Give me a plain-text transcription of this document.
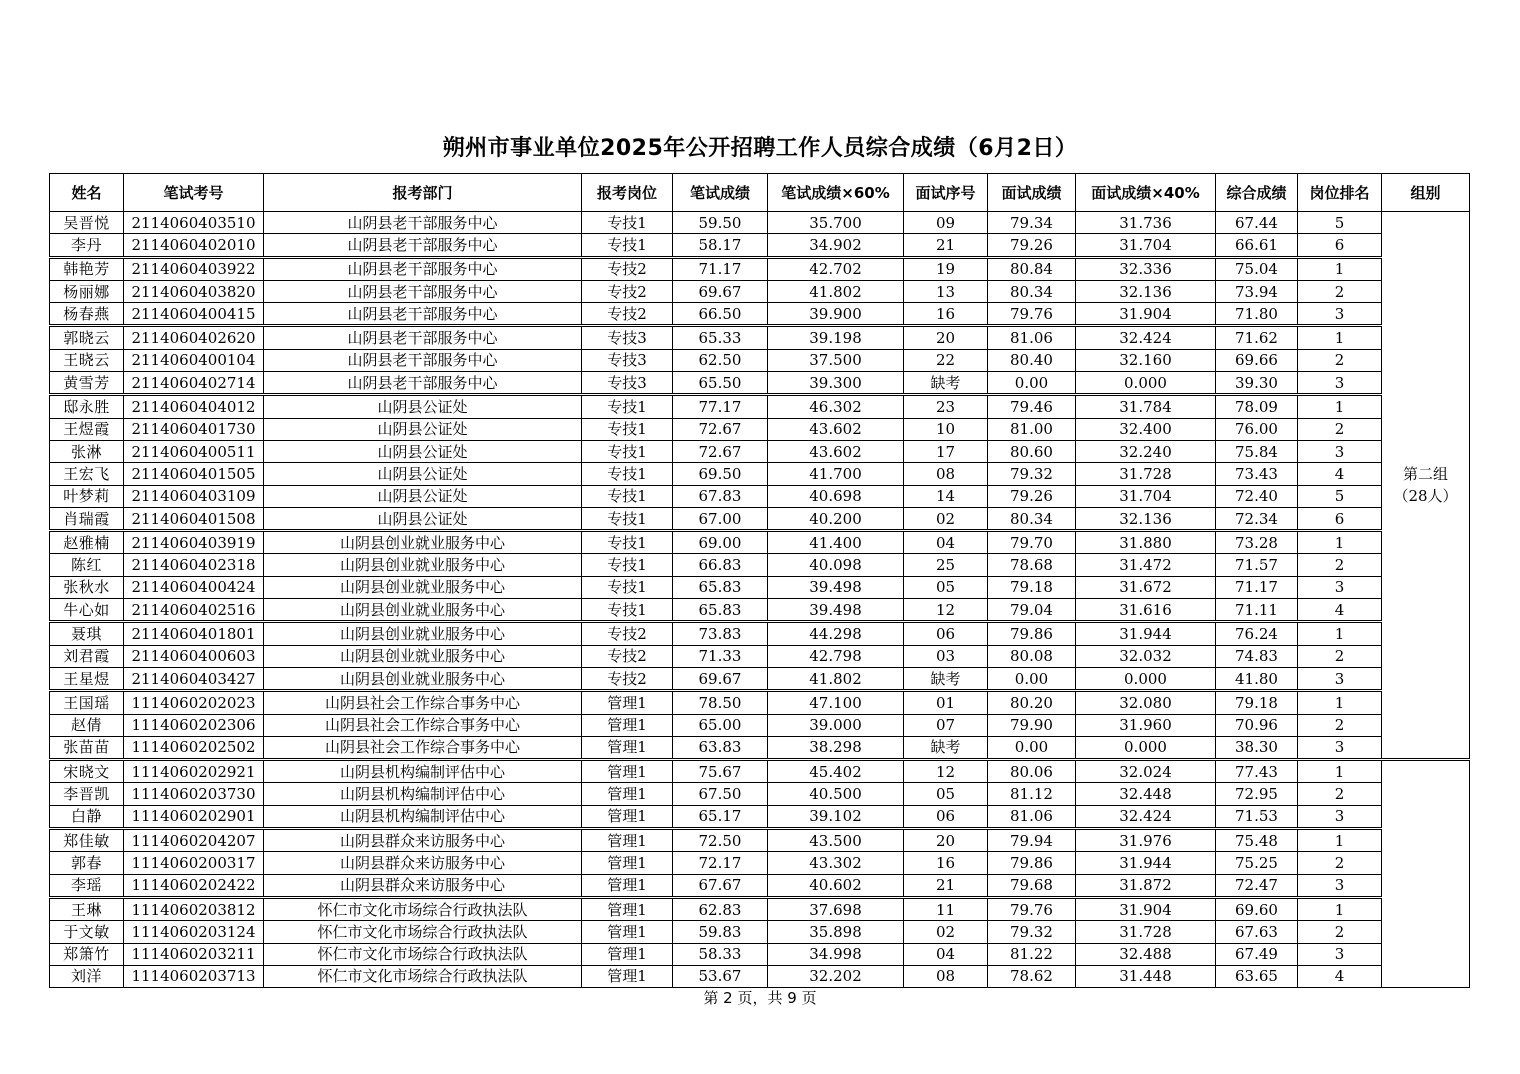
朔州市事业单位2025年公开招聘工作人员综合成绩（6月2日）
姓名	笔试考号	报考部门	报考岗位	笔试成绩	笔试成绩×60%	面试序号	面试成绩	面试成绩×40%	综合成绩	岗位排名	组别
吴晋悦	2114060403510	山阴县老干部服务中心	专技1	59.50	35.700	09	79.34	31.736	67.44	5	第二组
（28人）

李丹	2114060402010	山阴县老干部服务中心	专技1	58.17	34.902	21	79.26	31.704	66.61	6	
韩艳芳	2114060403922	山阴县老干部服务中心	专技2	71.17	42.702	19	80.84	32.336	75.04	1	
杨丽娜	2114060403820	山阴县老干部服务中心	专技2	69.67	41.802	13	80.34	32.136	73.94	2	
杨春燕	2114060400415	山阴县老干部服务中心	专技2	66.50	39.900	16	79.76	31.904	71.80	3	
郭晓云	2114060402620	山阴县老干部服务中心	专技3	65.33	39.198	20	81.06	32.424	71.62	1	
王晓云	2114060400104	山阴县老干部服务中心	专技3	62.50	37.500	22	80.40	32.160	69.66	2	
黄雪芳	2114060402714	山阴县老干部服务中心	专技3	65.50	39.300	缺考	0.00	0.000	39.30	3	
邸永胜	2114060404012	山阴县公证处	专技1	77.17	46.302	23	79.46	31.784	78.09	1	
王煜霞	2114060401730	山阴县公证处	专技1	72.67	43.602	10	81.00	32.400	76.00	2	
张淋	2114060400511	山阴县公证处	专技1	72.67	43.602	17	80.60	32.240	75.84	3	
王宏飞	2114060401505	山阴县公证处	专技1	69.50	41.700	08	79.32	31.728	73.43	4	
叶梦莉	2114060403109	山阴县公证处	专技1	67.83	40.698	14	79.26	31.704	72.40	5	
肖瑞霞	2114060401508	山阴县公证处	专技1	67.00	40.200	02	80.34	32.136	72.34	6	
赵雅楠	2114060403919	山阴县创业就业服务中心	专技1	69.00	41.400	04	79.70	31.880	73.28	1	
陈红	2114060402318	山阴县创业就业服务中心	专技1	66.83	40.098	25	78.68	31.472	71.57	2	
张秋水	2114060400424	山阴县创业就业服务中心	专技1	65.83	39.498	05	79.18	31.672	71.17	3	
牛心如	2114060402516	山阴县创业就业服务中心	专技1	65.83	39.498	12	79.04	31.616	71.11	4	
聂琪	2114060401801	山阴县创业就业服务中心	专技2	73.83	44.298	06	79.86	31.944	76.24	1	
刘君霞	2114060400603	山阴县创业就业服务中心	专技2	71.33	42.798	03	80.08	32.032	74.83	2	
王星煜	2114060403427	山阴县创业就业服务中心	专技2	69.67	41.802	缺考	0.00	0.000	41.80	3	
王国瑶	1114060202023	山阴县社会工作综合事务中心	管理1	78.50	47.100	01	80.20	32.080	79.18	1	
赵倩	1114060202306	山阴县社会工作综合事务中心	管理1	65.00	39.000	07	79.90	31.960	70.96	2	
张苗苗	1114060202502	山阴县社会工作综合事务中心	管理1	63.83	38.298	缺考	0.00	0.000	38.30	3	
宋晓文	1114060202921	山阴县机构编制评估中心	管理1	75.67	45.402	12	80.06	32.024	77.43	1	
李晋凯	1114060203730	山阴县机构编制评估中心	管理1	67.50	40.500	05	81.12	32.448	72.95	2	
白静	1114060202901	山阴县机构编制评估中心	管理1	65.17	39.102	06	81.06	32.424	71.53	3	
郑佳敏	1114060204207	山阴县群众来访服务中心	管理1	72.50	43.500	20	79.94	31.976	75.48	1	
郭春	1114060200317	山阴县群众来访服务中心	管理1	72.17	43.302	16	79.86	31.944	75.25	2	
李瑶	1114060202422	山阴县群众来访服务中心	管理1	67.67	40.602	21	79.68	31.872	72.47	3	
王琳	1114060203812	怀仁市文化市场综合行政执法队	管理1	62.83	37.698	11	79.76	31.904	69.60	1	
于文敏	1114060203124	怀仁市文化市场综合行政执法队	管理1	59.83	35.898	02	79.32	31.728	67.63	2	
郑箫竹	1114060203211	怀仁市文化市场综合行政执法队	管理1	58.33	34.998	04	81.22	32.488	67.49	3	
刘洋	1114060203713	怀仁市文化市场综合行政执法队	管理1	53.67	32.202	08	78.62	31.448	63.65	4	
第 2 页，共 9 页
